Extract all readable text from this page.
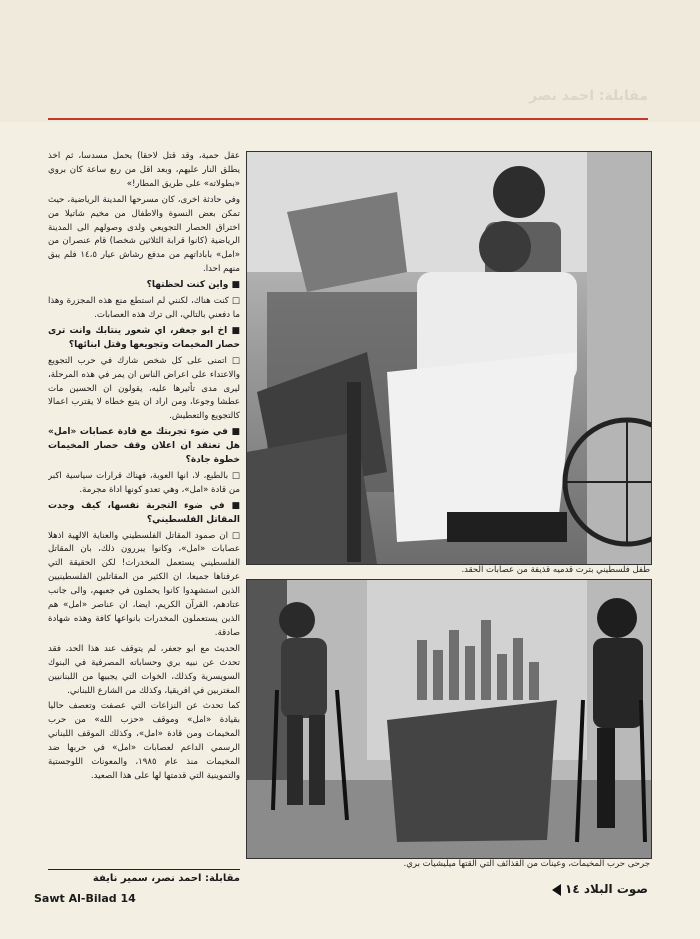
مقابلة: احمد نصر

عقل حمية، وقد قتل لاحقا) يحمل مسدسا، ثم اخذ يطلق النار عليهم، وبعد اقل من ربع ساعة كان بروي «بطولاته» على طريق المطار!»

وفي حادثة اخرى، كان مسرحها المدينة الرياضية، حيث تمكن بعض النسوة والاطفال من مخيم شاتيلا من اختراق الحصار التجويعي ولدى وصولهم الى المدينة الرياضية (كانوا قرابة الثلاثين شخصا) قام عنصران من «امل» باباداتهم من مدفع رشاش عيار ١٤،٥ فلم يبق منهم احدا.

■ واين كنت لحظتها؟

□ كنت هناك، لكنني لم استطع منع هذه المجزرة وهذا ما دفعني بالتالي، الى ترك هذه العصابات.

■ اخ ابو جعفر، اي شعور ينتابك وانت ترى حصار المخيمات وتجويعها وقتل ابنائها؟

□ اتمنى على كل شخص شارك في حرب التجويع والاعتداء على اعراض الناس ان يمر في هذه المرحلة، ليرى مدى تأثيرها عليه، يقولون ان الحسين مات عطشا وجوعا، ومن اراد ان يتبع خطاه لا يقترب اعمالا كالتجويع والتعطيش.

■ في ضوء تجربتك مع قادة عصابات «امل» هل تعتقد ان اعلان وقف حصار المخيمات خطوة جادة؟

□ بالطبع، لا، انها العوبة، فهناك قرارات سياسية اكبر من قادة «امل»، وهي تعدو كونها اداة مجرمة.

■ في ضوء التجربة نفسها، كيف وجدت المقاتل الفلسطيني؟

□ ان صمود المقاتل الفلسطيني والعناية الالهية اذهلا عصابات «امل»، وكانوا يبررون ذلك، بان المقاتل الفلسطيني يستعمل المخدرات! لكن الحقيقة التي عرفناها جميعا، ان الكثير من المقاتلين الفلسطينيين الذين استشهدوا كانوا يحملون في جعبهم، والى جانب عتادهم، القرآن الكريم، ايضا، ان عناصر «امل» هم الذين يستعملون المخدرات بانواعها كافة وهذه شهادة صادقة.

الحديث مع ابو جعفر، لم يتوقف عند هذا الحد، فقد تحدث عن نبيه بري وحساباته المصرفية في البنوك السويسرية وكذلك، الخوات التي يجبيها من اللبنانيين المغتربين في افريقيا، وكذلك من الشارع اللبناني.

كما تحدث عن النزاعات التي عصفت وتعصف حاليا بقيادة «امل» وموقف «حزب الله» من حرب المخيمات ومن قادة «امل»، وكذلك الموقف اللبناني الرسمي الداعم لعصابات «امل» في حربها ضد المخيمات منذ عام ١٩٨٥، والمعونات اللوجستية والتموينية التي قدمتها لها على هذا الصعيد.

مقابلة: احمد نصر، سمير نايفة
طفل فلسطيني بترت قدميه قذيفة من عصابات الحقد.
جرحى حرب المخيمات، وعينات من القذائف التي القتها ميليشيات بري.
Sawt Al-Bilad 14
صوت البلاد ١٤
